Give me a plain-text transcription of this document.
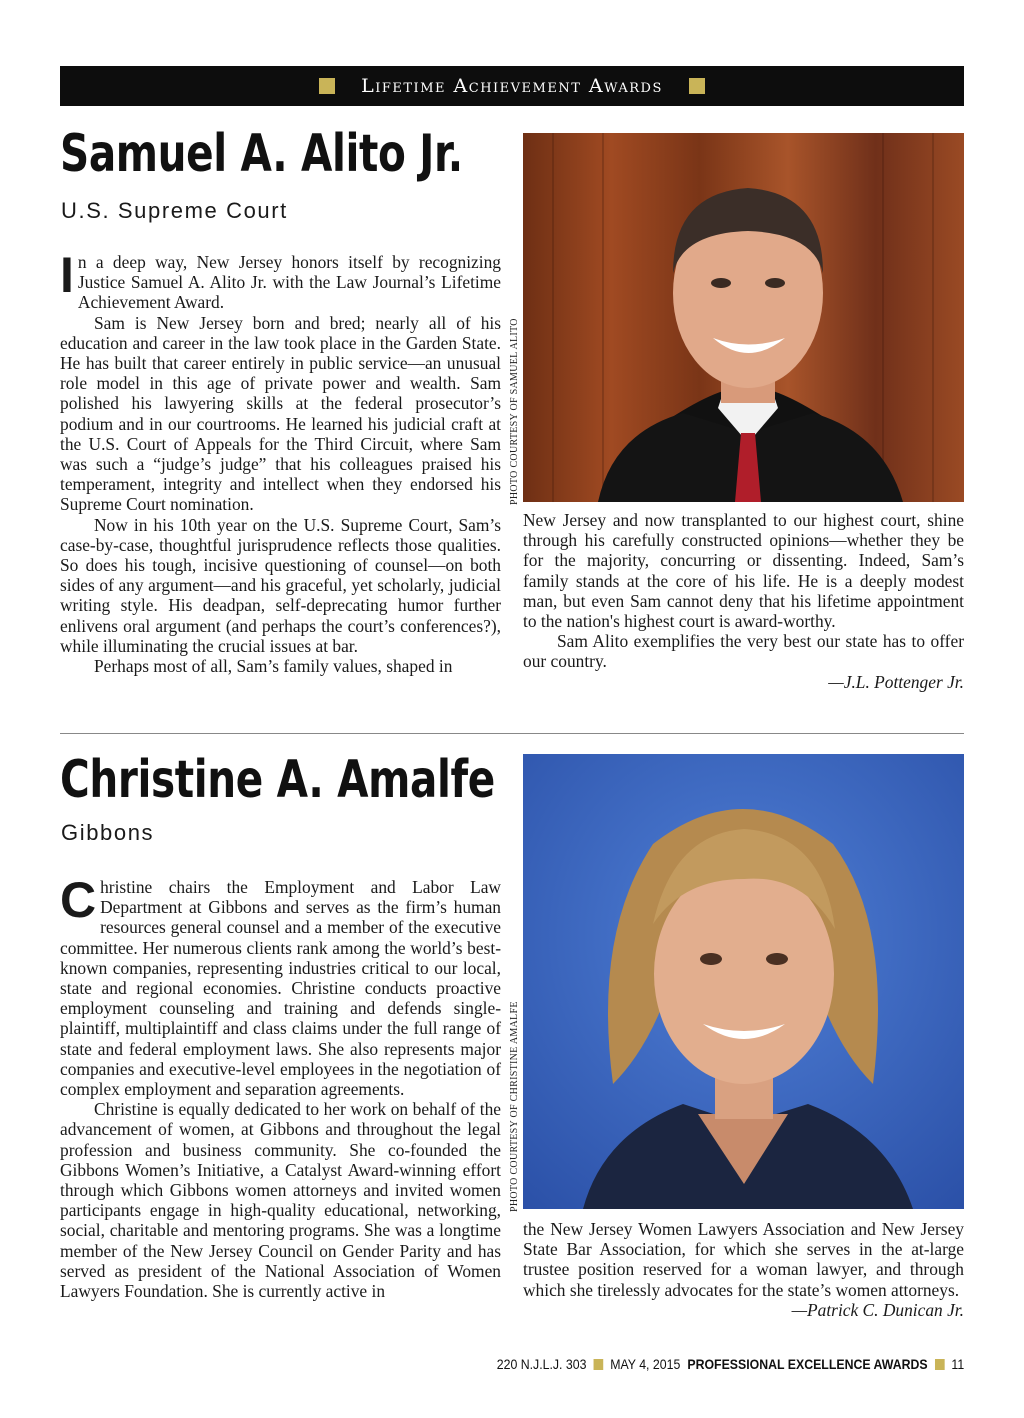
Lifetime Achievement Awards
Samuel A. Alito Jr.
U.S. Supreme Court

In a deep way, New Jersey honors itself by recognizing Justice Samuel A. Alito Jr. with the Law Journal’s Lifetime Achievement Award.

Sam is New Jersey born and bred; nearly all of his education and career in the law took place in the Garden State. He has built that career entirely in public service—an unusual role model in this age of private power and wealth. Sam polished his lawyering skills at the federal prosecutor’s podium and in our courtrooms. He learned his judicial craft at the U.S. Court of Appeals for the Third Circuit, where Sam was such a “judge’s judge” that his colleagues praised his temperament, integrity and intellect when they endorsed his Supreme Court nomination.

Now in his 10th year on the U.S. Supreme Court, Sam’s case-by-case, thoughtful jurisprudence reflects those qualities. So does his tough, incisive questioning of counsel—on both sides of any argument—and his graceful, yet scholarly, judicial writing style. His deadpan, self-deprecating humor further enlivens oral argument (and perhaps the court’s conferences?), while illuminating the crucial issues at bar.

Perhaps most of all, Sam’s family values, shaped in

PHOTO COURTESY OF SAMUEL ALITO

New Jersey and now transplanted to our highest court, shine through his carefully constructed opinions—whether they be for the majority, concurring or dissenting. Indeed, Sam’s family stands at the core of his life. He is a deeply modest man, but even Sam cannot deny that his lifetime appointment to the nation's highest court is award-worthy.

Sam Alito exemplifies the very best our state has to offer our country.

—J.L. Pottenger Jr.

Christine A. Amalfe
Gibbons

Christine chairs the Employment and Labor Law Department at Gibbons and serves as the firm’s human resources general counsel and a member of the executive committee. Her numerous clients rank among the world’s best-known companies, representing industries critical to our local, state and regional economies. Christine conducts proactive employment counseling and training and defends single-plaintiff, multiplaintiff and class claims under the full range of state and federal employment laws. She also represents major companies and executive-level employees in the negotiation of complex employment and separation agreements.

Christine is equally dedicated to her work on behalf of the advancement of women, at Gibbons and throughout the legal profession and business community. She co-founded the Gibbons Women’s Initiative, a Catalyst Award-winning effort through which Gibbons women attorneys and invited women participants engage in high-quality educational, networking, social, charitable and mentoring programs. She was a longtime member of the New Jersey Council on Gender Parity and has served as president of the National Association of Women Lawyers Foundation. She is currently active in

PHOTO COURTESY OF CHRISTINE AMALFE

the New Jersey Women Lawyers Association and New Jersey State Bar Association, for which she serves in the at-large trustee position reserved for a woman lawyer, and through which she tirelessly advocates for the state’s women attorneys.

—Patrick C. Dunican Jr.

220 N.J.L.J. 303 MAY 4, 2015 PROFESSIONAL EXCELLENCE AWARDS 11
